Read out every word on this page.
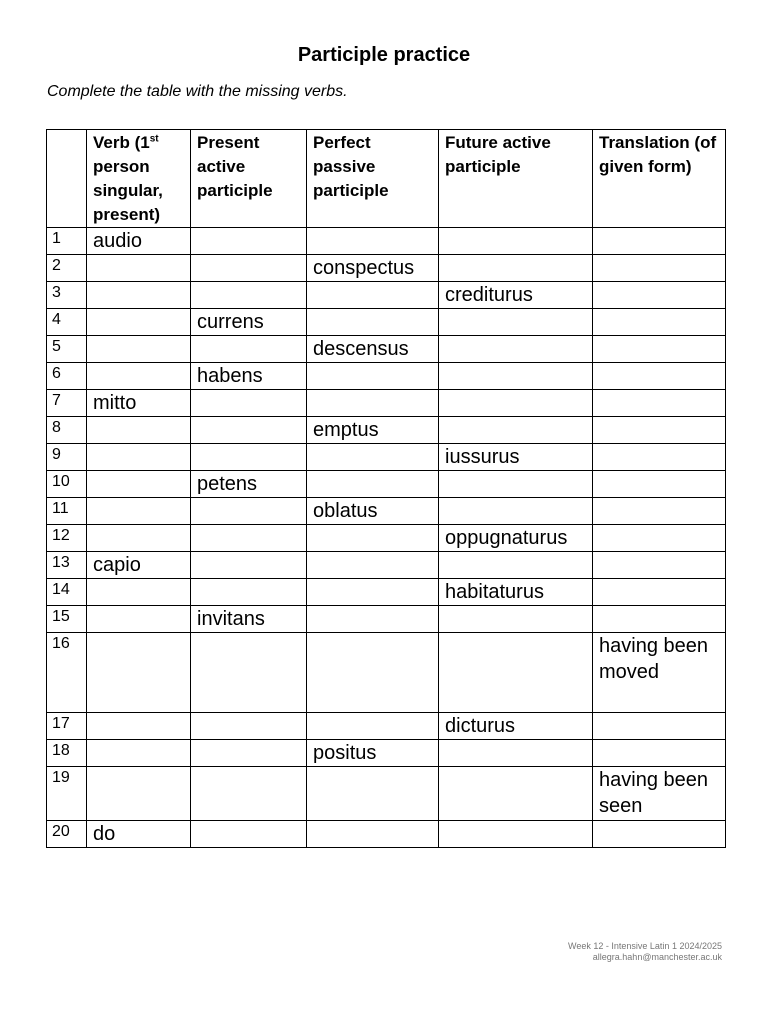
Participle practice
Complete the table with the missing verbs.
	Verb (1st person singular, present)	Present active participle	Perfect passive participle	Future active participle	Translation (of given form)
1	audio				
2			conspectus		
3				crediturus	
4		currens			
5			descensus		
6		habens			
7	mitto				
8			emptus		
9				iussurus	
10		petens			
11			oblatus		
12				oppugnaturus	
13	capio				
14				habitaturus	
15		invitans			
16					having been moved
17				dicturus	
18			positus		
19					having been seen
20	do				
Week 12 - Intensive Latin 1 2024/2025
allegra.hahn@manchester.ac.uk
